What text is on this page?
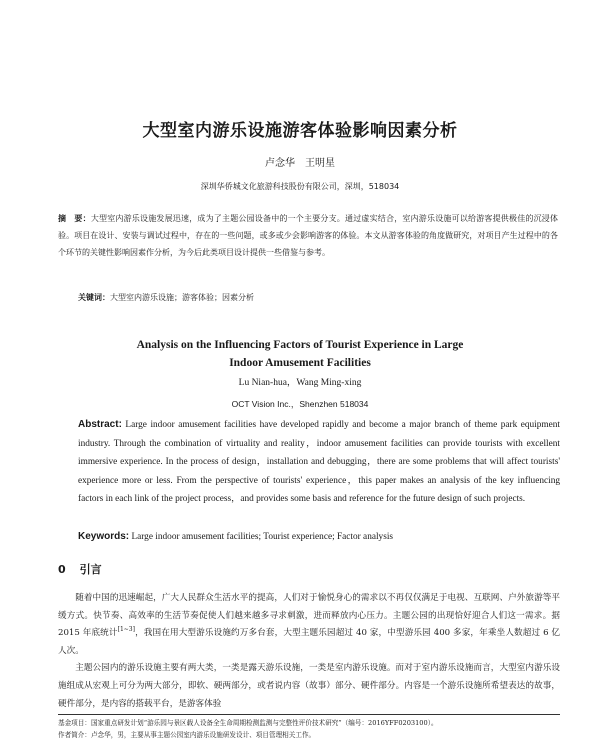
大型室内游乐设施游客体验影响因素分析
卢念华　王明星
深圳华侨城文化旅游科技股份有限公司，深圳，518034
摘　要：大型室内游乐设施发展迅速，成为了主题公园设备中的一个主要分支。通过虚实结合，室内游乐设施可以给游客提供极佳的沉浸体验。项目在设计、安装与调试过程中，存在的一些问题，或多或少会影响游客的体验。本文从游客体验的角度做研究，对项目产生过程中的各个环节的关键性影响因素作分析，为今后此类项目设计提供一些借鉴与参考。
关键词：大型室内游乐设施；游客体验；因素分析
Analysis on the Influencing Factors of Tourist Experience in Large
Indoor Amusement Facilities
Lu Nian-hua，Wang Ming-xing
OCT Vision Inc.，Shenzhen 518034
Abstract: Large indoor amusement facilities have developed rapidly and become a major branch of theme park equipment industry. Through the combination of virtuality and reality，indoor amusement facilities can provide tourists with excellent immersive experience. In the process of design，installation and debugging，there are some problems that will affect tourists' experience more or less. From the perspective of tourists' experience，this paper makes an analysis of the key influencing factors in each link of the project process，and provides some basis and reference for the future design of such projects.
Keywords: Large indoor amusement facilities; Tourist experience; Factor analysis
0 引言

随着中国的迅速崛起，广大人民群众生活水平的提高，人们对于愉悦身心的需求以不再仅仅满足于电视、互联网、户外旅游等平缓方式。快节奏、高效率的生活节奏促使人们越来越多寻求刺激，进而释放内心压力。主题公园的出现恰好迎合人们这一需求。据 2015 年底统计[1~3]，我国在用大型游乐设施约万多台套，大型主题乐园超过 40 家，中型游乐园 400 多家，年乘坐人数超过 6 亿人次。

主题公园内的游乐设施主要有两大类，一类是露天游乐设施，一类是室内游乐设施。而对于室内游乐设施而言，大型室内游乐设施组成从宏观上可分为两大部分，即软、硬两部分，或者说内容（故事）部分、硬件部分。内容是一个游乐设施所希望表达的故事，硬件部分，是内容的搭载平台，是游客体验

基金项目：国家重点研发计划“游乐园与景区载人设备全生命周期检测监测与完整性评价技术研究”（编号：2016YFF0203100）。
作者简介：卢念华，男，主要从事主题公园室内游乐设施研发设计、项目管理相关工作。
